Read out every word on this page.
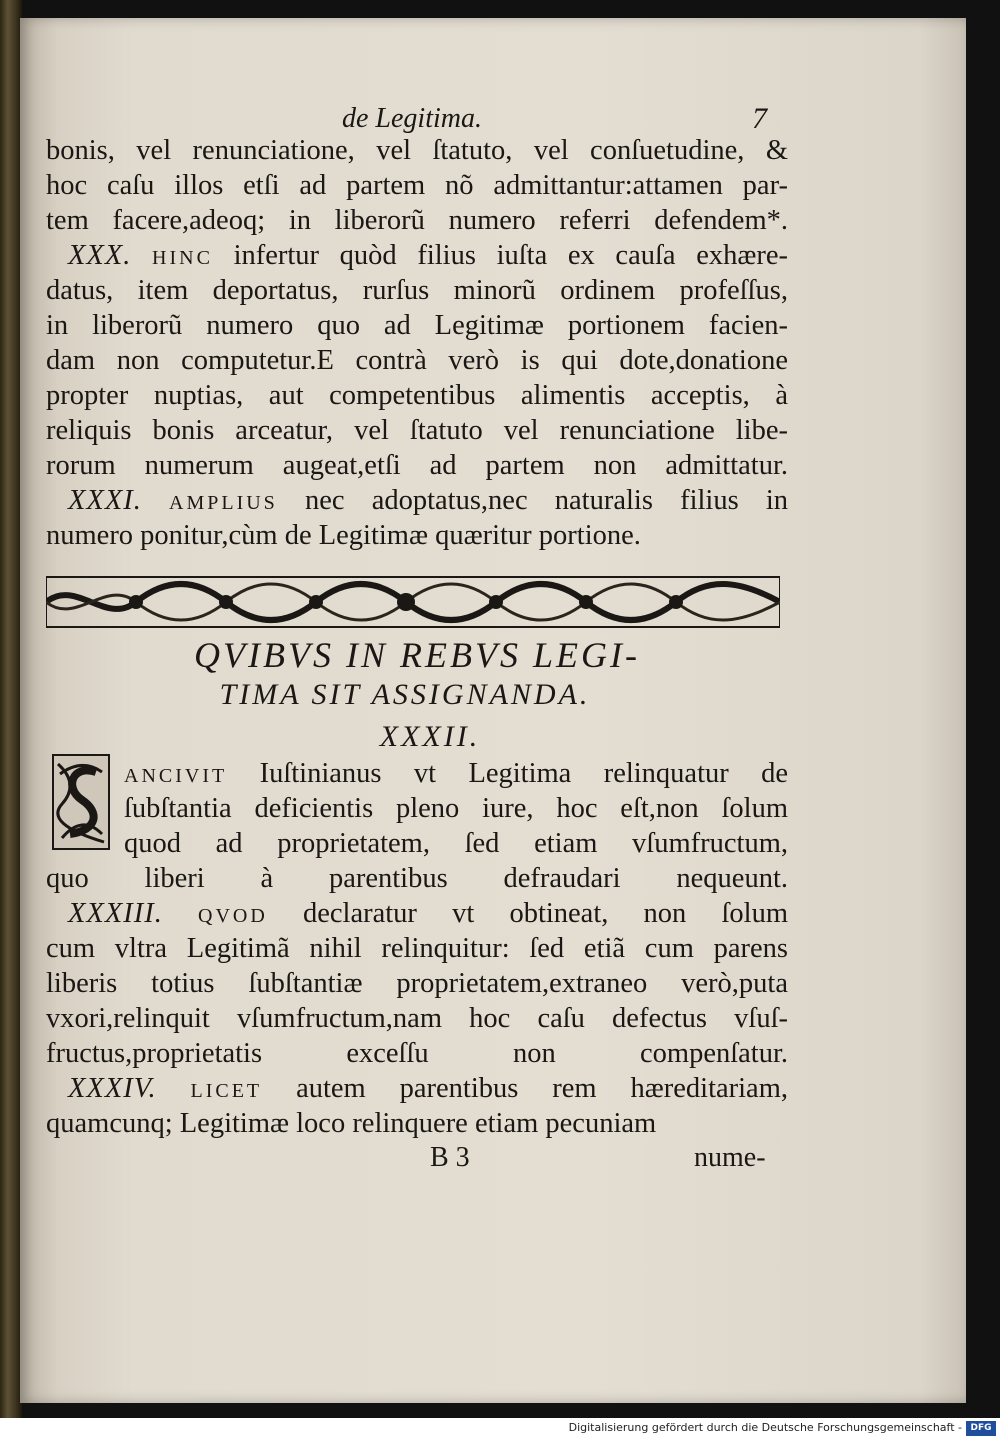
de Legitima.	7
bonis, vel renunciatione, vel ſtatuto, vel conſuetudine, &
hoc caſu illos etſi ad partem nõ admittantur:attamen par-
tem facere,adeoq; in liberorũ numero referri defendem*.
XXX. HINC infertur quòd filius iuſta ex cauſa exhære-
datus, item deportatus, rurſus minorũ ordinem profeſſus,
in liberorũ numero quo ad Legitimæ portionem facien-
dam non computetur.E contrà verò is qui dote,donatione
propter nuptias, aut competentibus alimentis acceptis, à
reliquis bonis arceatur, vel ſtatuto vel renunciatione libe-
rorum numerum augeat,etſi ad partem non admittatur.
XXXI. AMPLIUS nec adoptatus,nec naturalis filius in
numero ponitur,cùm de Legitimæ quæritur portione.
QVIBVS IN REBVS LEGI-
TIMA SIT ASSIGNANDA.
XXXII.
ANCIVIT Iuſtinianus vt Legitima relinquatur de
ſubſtantia deficientis pleno iure, hoc eſt,non ſolum
quod ad proprietatem, ſed etiam vſumfructum,
quo liberi à parentibus defraudari nequeunt.
XXXIII. QVOD declaratur vt obtineat, non ſolum
cum vltra Legitimã nihil relinquitur: ſed etiã cum parens
liberis totius ſubſtantiæ proprietatem,extraneo verò,puta
vxori,relinquit vſumfructum,nam hoc caſu defectus vſuſ-
fructus,proprietatis exceſſu non compenſatur.
XXXIV. LICET autem parentibus rem hæreditariam,
quamcunq; Legitimæ loco relinquere etiam pecuniam
B 3	nume-
Digitalisierung gefördert durch die Deutsche Forschungsgemeinschaft - DFG
